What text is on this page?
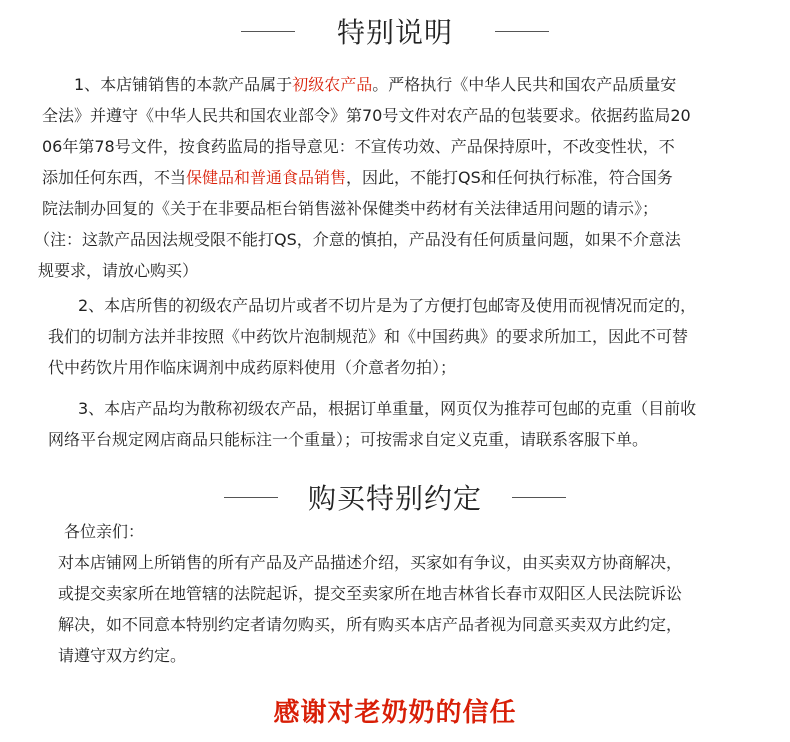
特别说明
1、本店铺销售的本款产品属于初级农产品。严格执行《中华人民共和国农产品质量安
全法》并遵守《中华人民共和国农业部令》第70号文件对农产品的包装要求。依据药监局20
06年第78号文件，按食药监局的指导意见：不宣传功效、产品保持原叶，不改变性状，不
添加任何东西，不当保健品和普通食品销售，因此，不能打QS和任何执行标准，符合国务
院法制办回复的《关于在非要品柜台销售滋补保健类中药材有关法律适用问题的请示》；
（注：这款产品因法规受限不能打QS，介意的慎拍，产品没有任何质量问题，如果不介意法
规要求，请放心购买）
2、本店所售的初级农产品切片或者不切片是为了方便打包邮寄及使用而视情况而定的，
我们的切制方法并非按照《中药饮片泡制规范》和《中国药典》的要求所加工，因此不可替
代中药饮片用作临床调剂中成药原料使用（介意者勿拍）；
3、本店产品均为散称初级农产品，根据订单重量，网页仅为推荐可包邮的克重（目前收
网络平台规定网店商品只能标注一个重量）；可按需求自定义克重，请联系客服下单。
购买特别约定
各位亲们：
对本店铺网上所销售的所有产品及产品描述介绍，买家如有争议，由买卖双方协商解决，
或提交卖家所在地管辖的法院起诉，提交至卖家所在地吉林省长春市双阳区人民法院诉讼
解决，如不同意本特别约定者请勿购买，所有购买本店产品者视为同意买卖双方此约定，
请遵守双方约定。
感谢对老奶奶的信任
